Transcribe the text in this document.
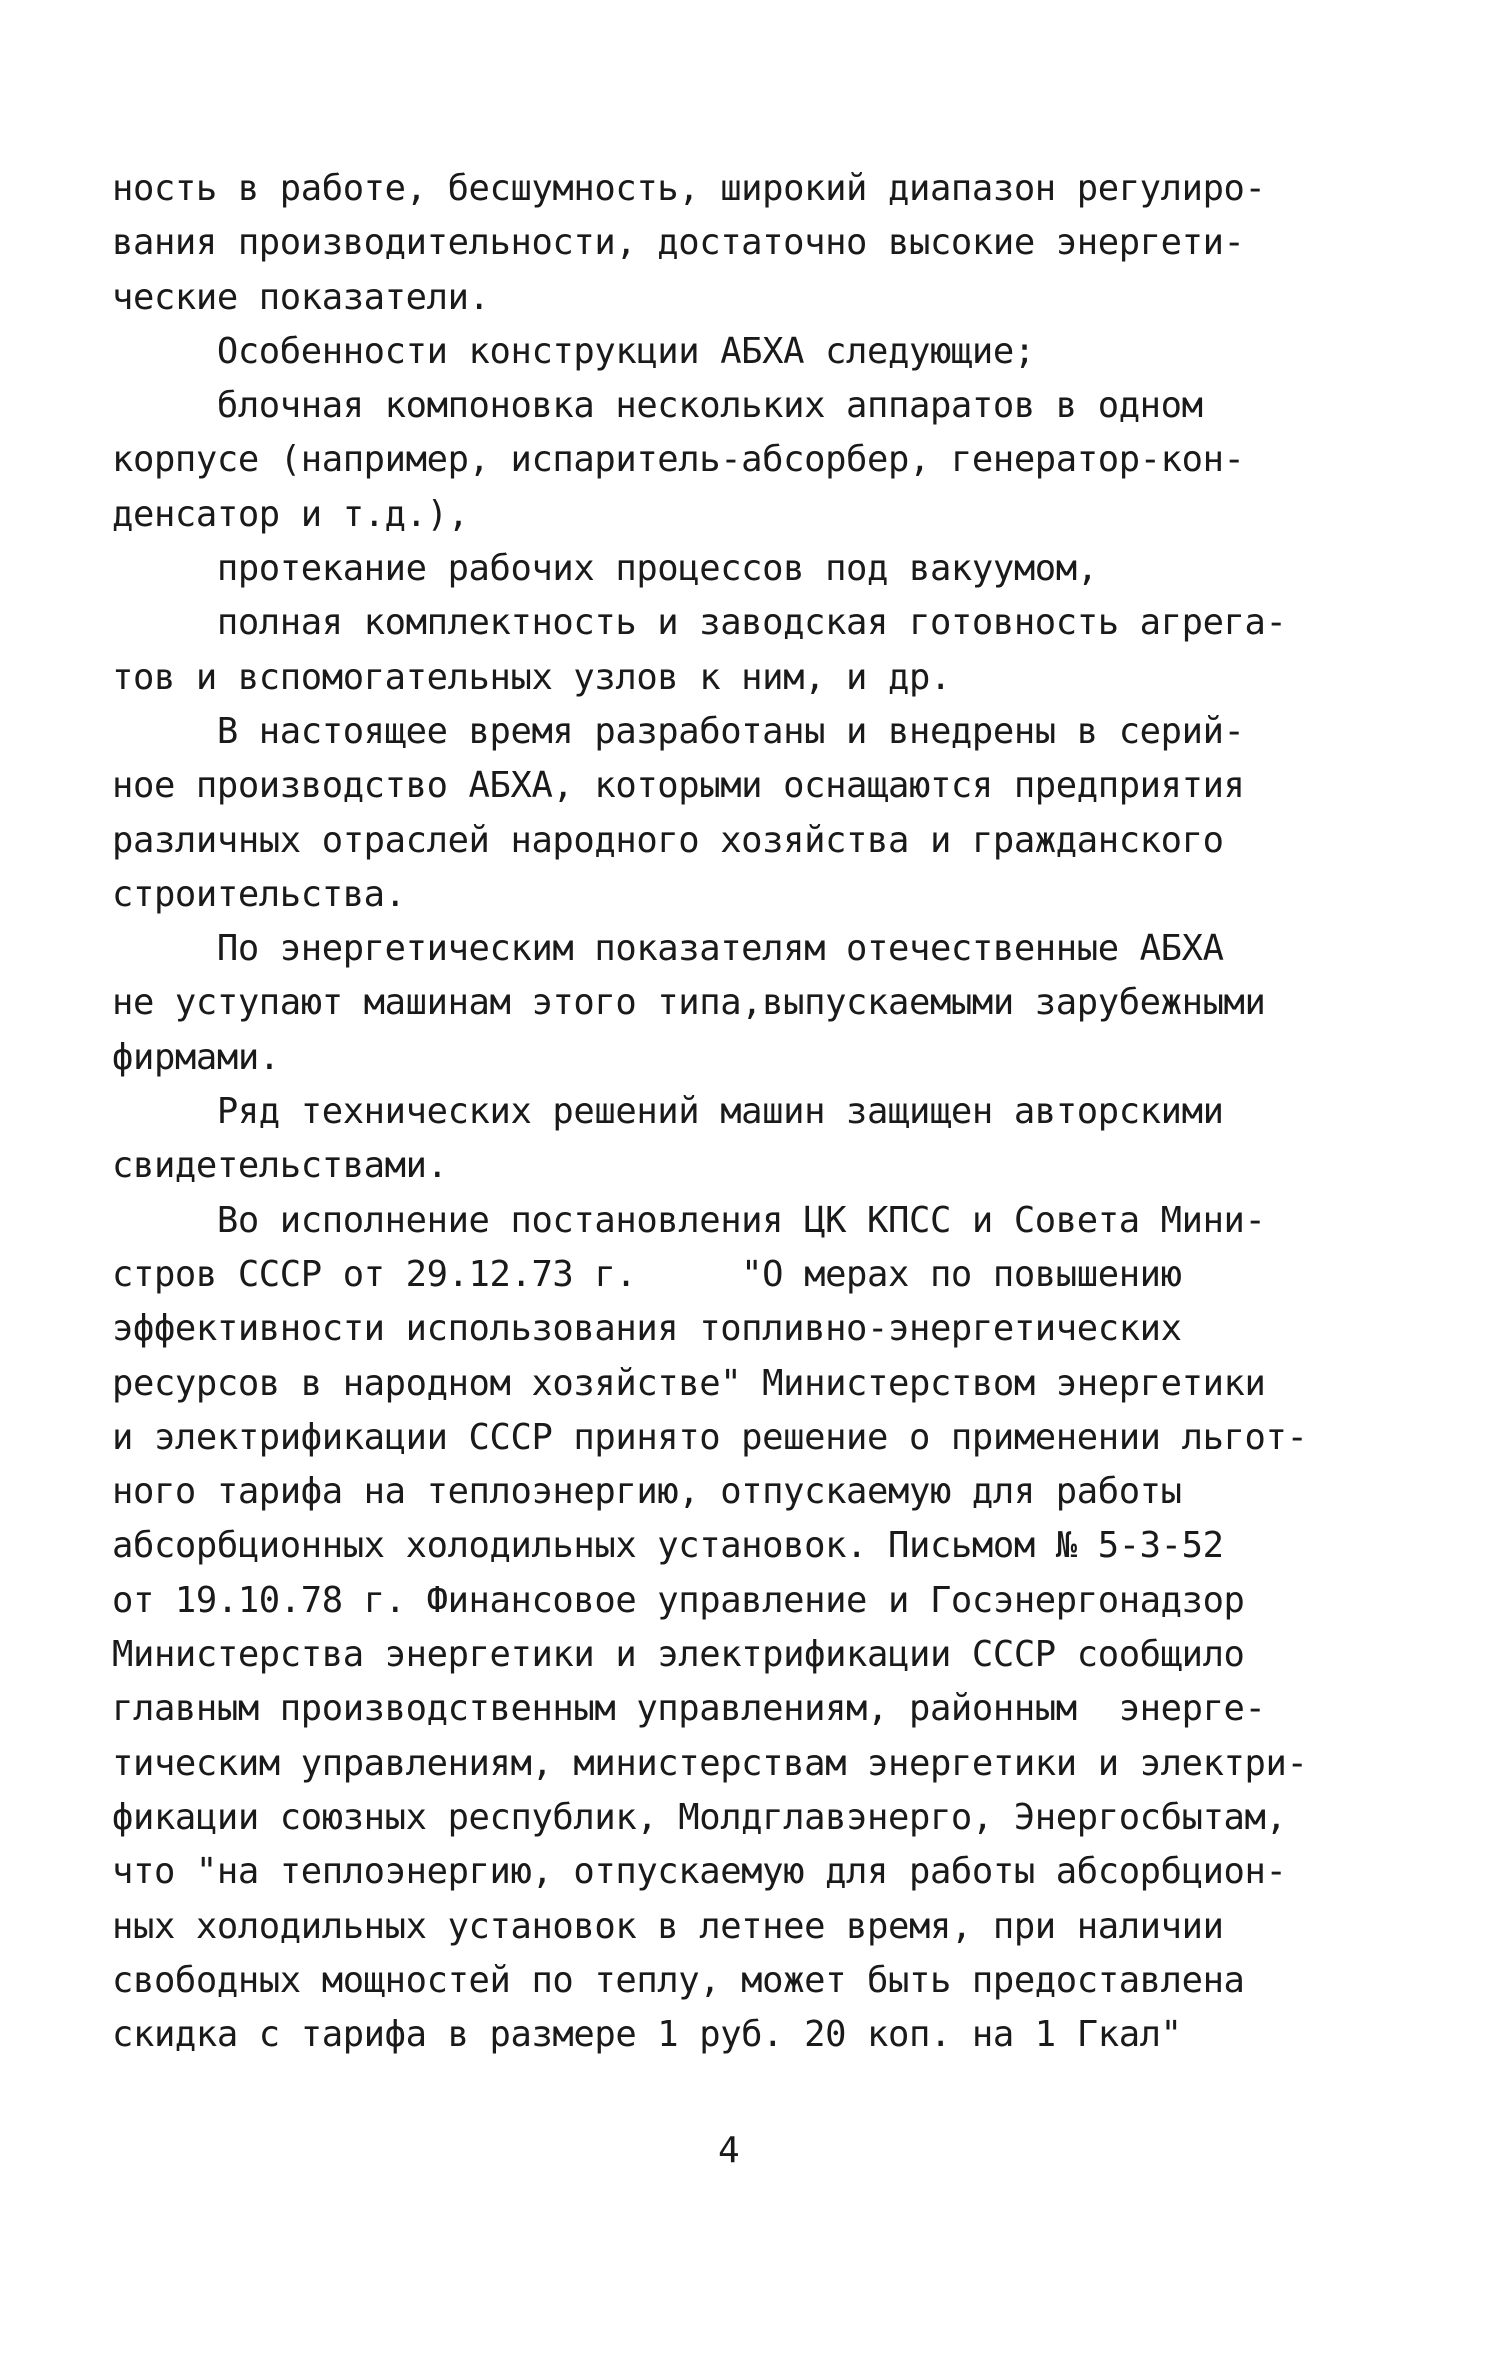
ность в работе, бесшумность, широкий диапазон регулиро-
вания производительности, достаточно высокие энергети-
ческие показатели.
Особенности конструкции АБХА следующие;
блочная компоновка нескольких аппаратов в одном
корпусе (например, испаритель-абсорбер, генератор-кон-
денсатор и т.д.),
протекание рабочих процессов под вакуумом,
полная комплектность и заводская готовность агрега-
тов и вспомогательных узлов к ним, и др.
В настоящее время разработаны и внедрены в серий-
ное производство АБХА, которыми оснащаются предприятия
различных отраслей народного хозяйства и гражданского
строительства.
По энергетическим показателям отечественные АБХА
не уступают машинам этого типа,выпускаемыми зарубежными
фирмами.
Ряд технических решений машин защищен авторскими
свидетельствами.
Во исполнение постановления ЦК КПСС и Совета Мини-
стров СССР от 29.12.73 г.     "О мерах по повышению
эффективности использования топливно-энергетических
ресурсов в народном хозяйстве" Министерством энергетики
и электрификации СССР принято решение о применении льгот-
ного тарифа на теплоэнергию, отпускаемую для работы
абсорбционных холодильных установок. Письмом № 5-3-52
от 19.10.78 г. Финансовое управление и Госэнергонадзор
Министерства энергетики и электрификации СССР сообщило
главным производственным управлениям, районным  энерге-
тическим управлениям, министерствам энергетики и электри-
фикации союзных республик, Молдглавэнерго, Энергосбытам,
что "на теплоэнергию, отпускаемую для работы абсорбцион-
ных холодильных установок в летнее время, при наличии
свободных мощностей по теплу, может быть предоставлена
скидка с тарифа в размере 1 руб. 20 коп. на 1 Гкал"
4
